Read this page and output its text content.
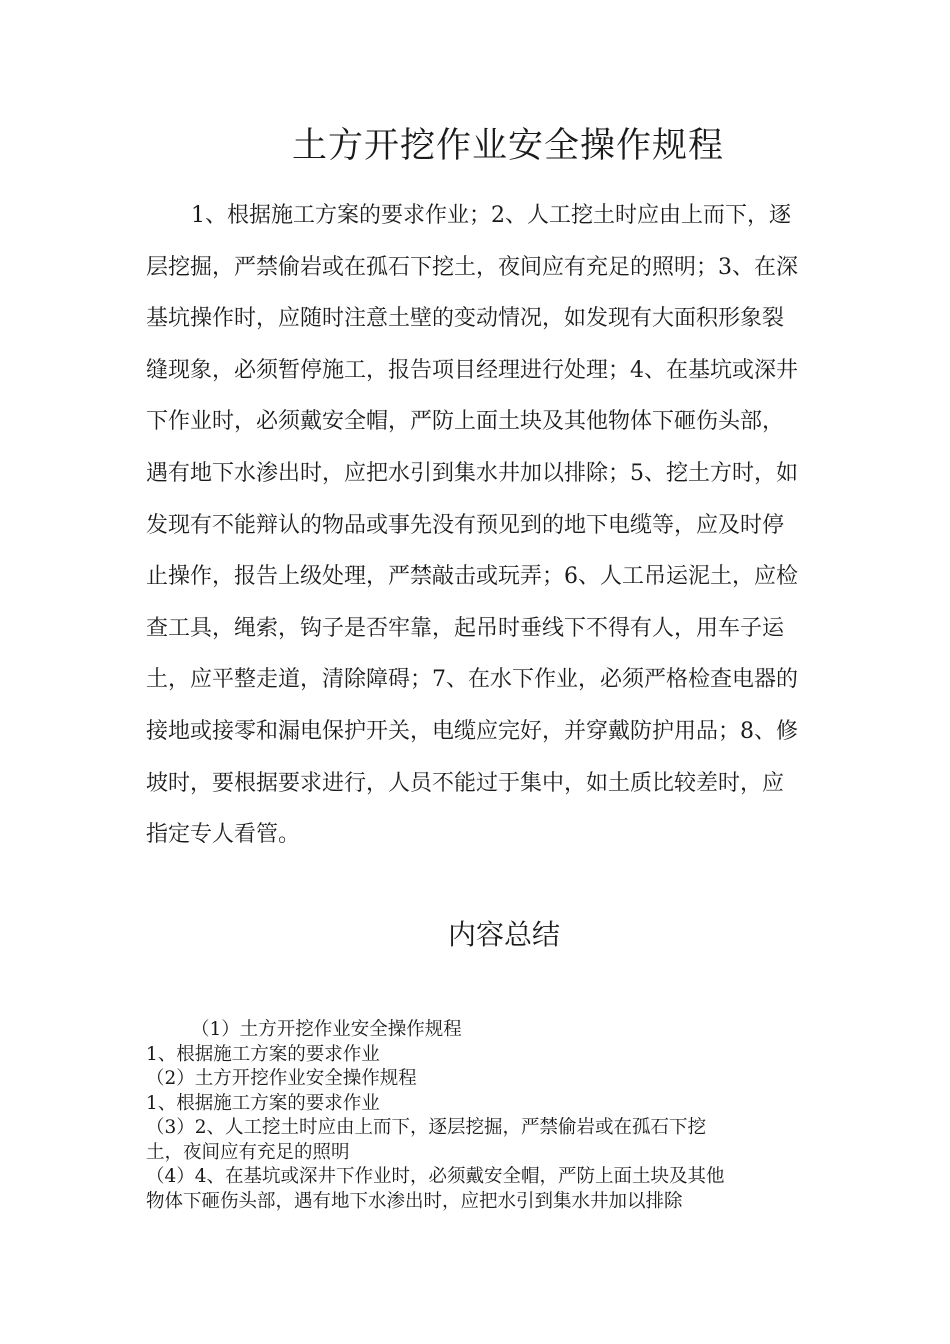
土方开挖作业安全操作规程
1、根据施工方案的要求作业；2、人工挖土时应由上而下，逐
层挖掘，严禁偷岩或在孤石下挖土，夜间应有充足的照明；3、在深
基坑操作时，应随时注意土壁的变动情况，如发现有大面积形象裂
缝现象，必须暂停施工，报告项目经理进行处理；4、在基坑或深井
下作业时，必须戴安全帽，严防上面土块及其他物体下砸伤头部，
遇有地下水渗出时，应把水引到集水井加以排除；5、挖土方时，如
发现有不能辩认的物品或事先没有预见到的地下电缆等，应及时停
止操作，报告上级处理，严禁敲击或玩弄；6、人工吊运泥土，应检
查工具，绳索，钩子是否牢靠，起吊时垂线下不得有人，用车子运
土，应平整走道，清除障碍；7、在水下作业，必须严格检查电器的
接地或接零和漏电保护开关，电缆应完好，并穿戴防护用品；8、修
坡时，要根据要求进行，人员不能过于集中，如土质比较差时，应
指定专人看管。
内容总结
（1）土方开挖作业安全操作规程
1、根据施工方案的要求作业
（2）土方开挖作业安全操作规程
1、根据施工方案的要求作业
（3）2、人工挖土时应由上而下，逐层挖掘，严禁偷岩或在孤石下挖
土，夜间应有充足的照明
（4）4、在基坑或深井下作业时，必须戴安全帽，严防上面土块及其他
物体下砸伤头部，遇有地下水渗出时，应把水引到集水井加以排除
